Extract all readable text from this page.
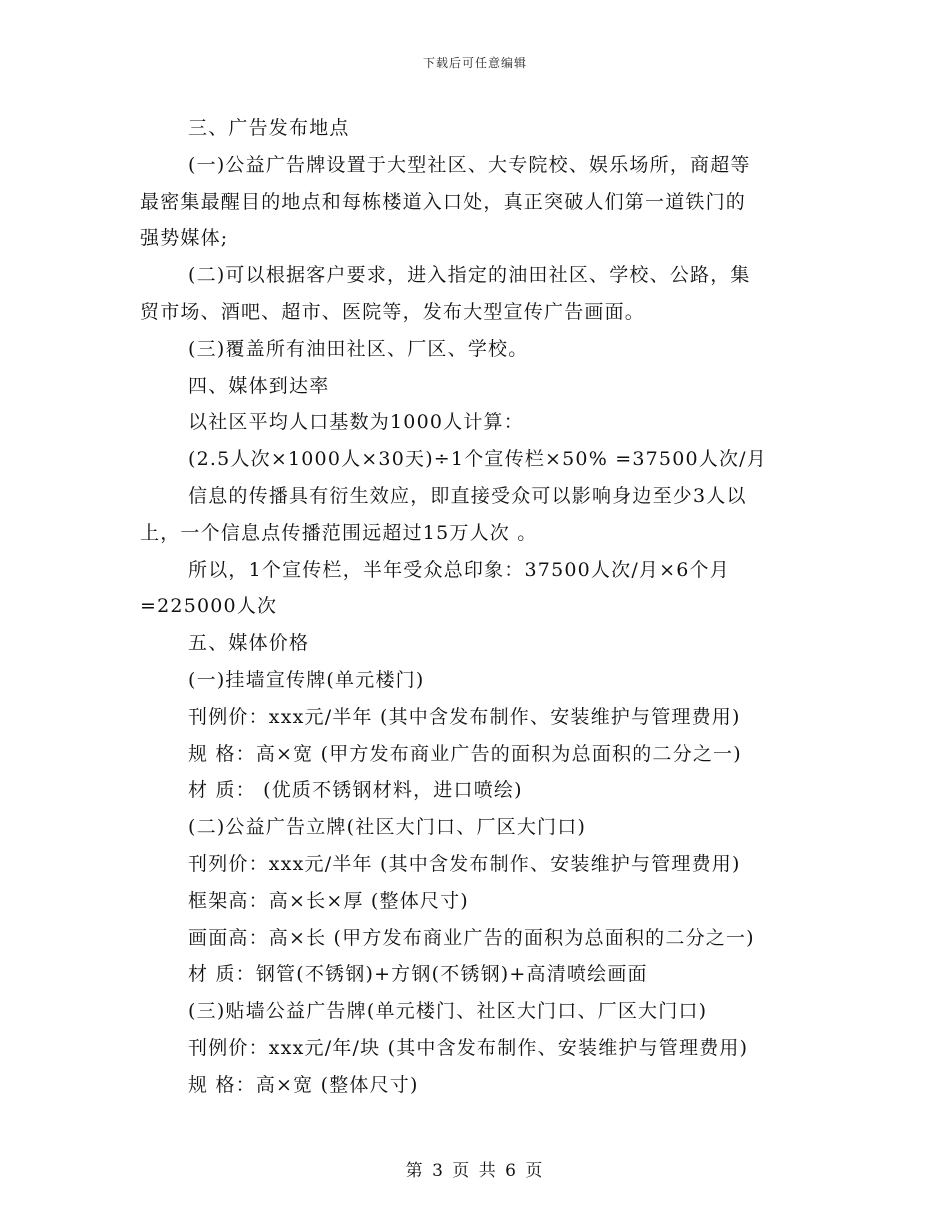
下载后可任意编辑
三、广告发布地点
(一)公益广告牌设置于大型社区、大专院校、娱乐场所，商超等
最密集最醒目的地点和每栋楼道入口处，真正突破人们第一道铁门的
强势媒体;
(二)可以根据客户要求，进入指定的油田社区、学校、公路，集
贸市场、酒吧、超市、医院等，发布大型宣传广告画面。
(三)覆盖所有油田社区、厂区、学校。
四、媒体到达率
以社区平均人口基数为1000人计算：
(2.5人次×1000人×30天)÷1个宣传栏×50% =37500人次/月
信息的传播具有衍生效应，即直接受众可以影响身边至少3人以
上，一个信息点传播范围远超过15万人次 。
所以，1个宣传栏，半年受众总印象：37500人次/月×6个月
=225000人次
五、媒体价格
(一)挂墙宣传牌(单元楼门)
刊例价：xxx元/半年 (其中含发布制作、安装维护与管理费用)
规 格：高×宽 (甲方发布商业广告的面积为总面积的二分之一)
材 质： (优质不锈钢材料，进口喷绘)
(二)公益广告立牌(社区大门口、厂区大门口)
刊列价：xxx元/半年 (其中含发布制作、安装维护与管理费用)
框架高：高×长×厚 (整体尺寸)
画面高：高×长 (甲方发布商业广告的面积为总面积的二分之一)
材 质：钢管(不锈钢)+方钢(不锈钢)+高清喷绘画面
(三)贴墙公益广告牌(单元楼门、社区大门口、厂区大门口)
刊例价：xxx元/年/块 (其中含发布制作、安装维护与管理费用)
规 格：高×宽 (整体尺寸)
第 3 页 共 6 页
